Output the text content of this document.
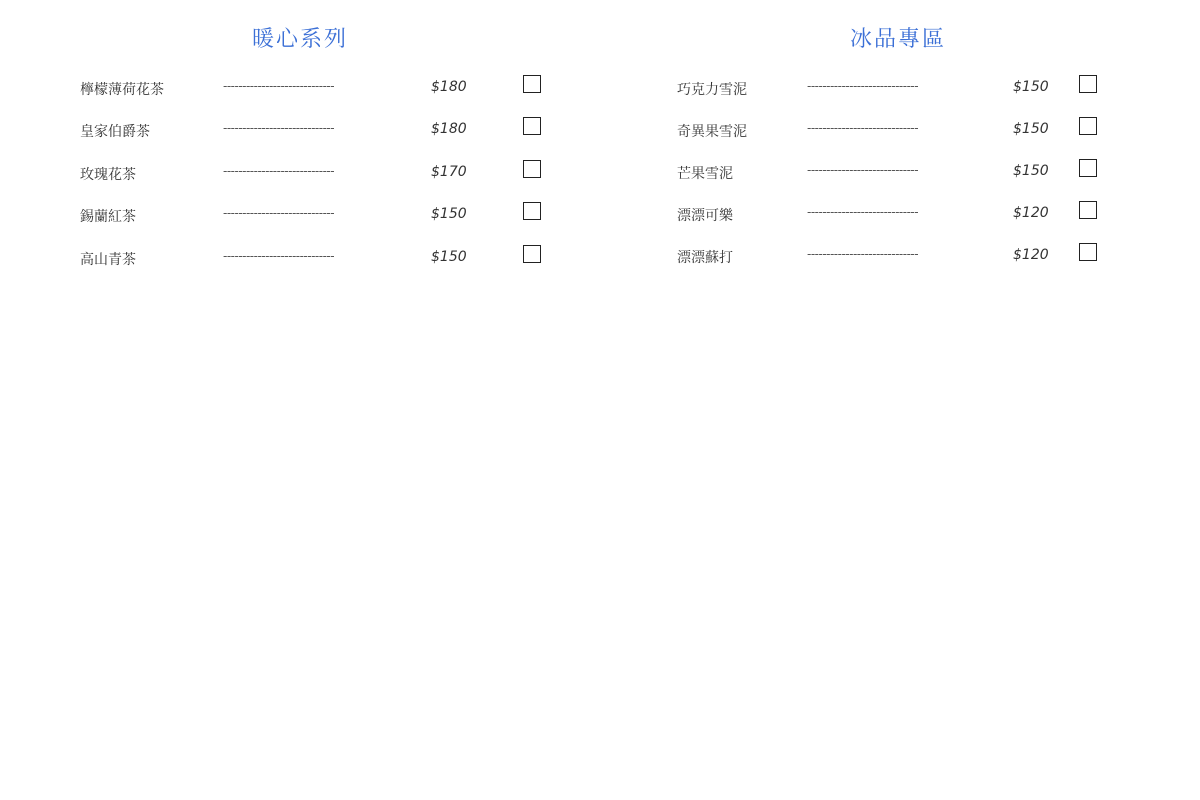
暖心系列
檸檬薄荷花茶	-----------------------------	$180
皇家伯爵茶	-----------------------------	$180
玫瑰花茶	-----------------------------	$170
錫蘭紅茶	-----------------------------	$150
高山青茶	-----------------------------	$150
冰品專區
巧克力雪泥	-----------------------------	$150
奇異果雪泥	-----------------------------	$150
芒果雪泥	-----------------------------	$150
漂漂可樂	-----------------------------	$120
漂漂蘇打	-----------------------------	$120
